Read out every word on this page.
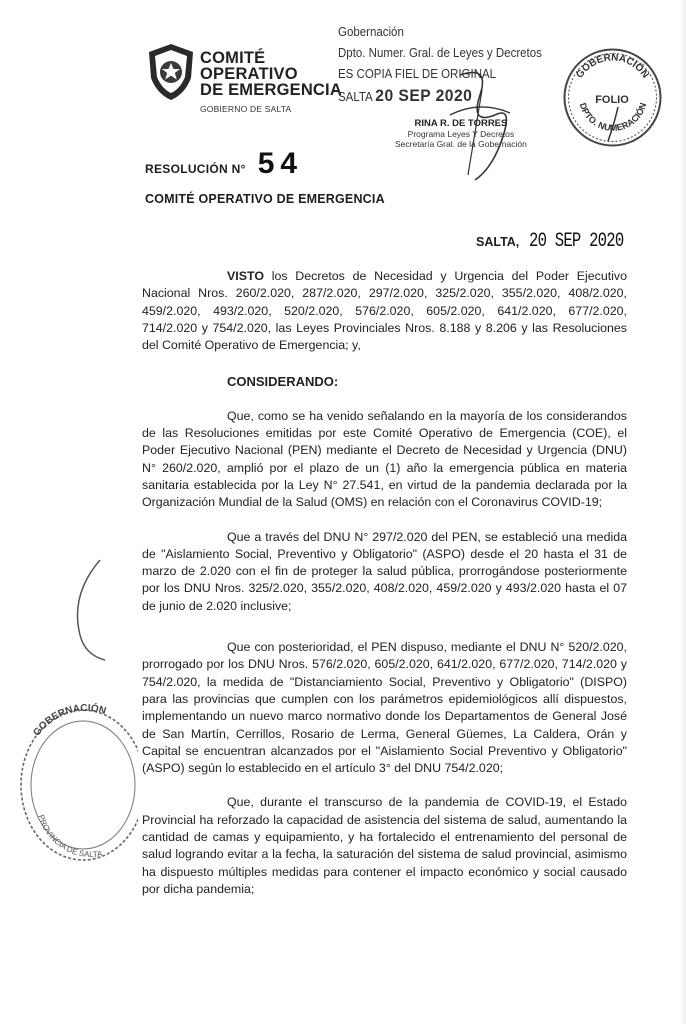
COMITÉ
OPERATIVO
DE EMERGENCIA
GOBIERNO DE SALTA
Gobernación
Dpto. Numer. Gral. de Leyes y Decretos
ES COPIA FIEL DE ORIGINAL
SALTA 20 SEP 2020
RINA R. DE TORRES
Programa Leyes Y Decretos
Secretaría Gral. de la Gobernación
GOBERNACIÓN
DPTO. NUMERACIÓN
FOLIO
RESOLUCIÓN N° 54
COMITÉ OPERATIVO DE EMERGENCIA
SALTA, 20 SEP 2020

VISTO los Decretos de Necesidad y Urgencia del Poder Ejecutivo Nacional Nros. 260/2.020, 287/2.020, 297/2.020, 325/2.020, 355/2.020, 408/2.020, 459/2.020, 493/2.020, 520/2.020, 576/2.020, 605/2.020, 641/2.020, 677/2.020, 714/2.020 y 754/2.020, las Leyes Provinciales Nros. 8.188 y 8.206 y las Resoluciones del Comité Operativo de Emergencia; y,

CONSIDERANDO:

Que, como se ha venido señalando en la mayoría de los considerandos de las Resoluciones emitidas por este Comité Operativo de Emergencia (COE), el Poder Ejecutivo Nacional (PEN) mediante el Decreto de Necesidad y Urgencia (DNU) N° 260/2.020, amplió por el plazo de un (1) año la emergencia pública en materia sanitaria establecida por la Ley N° 27.541, en virtud de la pandemia declarada por la Organización Mundial de la Salud (OMS) en relación con el Coronavirus COVID-19;

Que a través del DNU N° 297/2.020 del PEN, se estableció una medida de "Aislamiento Social, Preventivo y Obligatorio" (ASPO) desde el 20 hasta el 31 de marzo de 2.020 con el fin de proteger la salud pública, prorrogándose posteriormente por los DNU Nros. 325/2.020, 355/2.020, 408/2.020, 459/2.020 y 493/2.020 hasta el 07 de junio de 2.020 inclusive;

Que con posterioridad, el PEN dispuso, mediante el DNU N° 520/2.020, prorrogado por los DNU Nros. 576/2.020, 605/2.020, 641/2.020, 677/2.020, 714/2.020 y 754/2.020, la medida de "Distanciamiento Social, Preventivo y Obligatorio" (DISPO) para las provincias que cumplen con los parámetros epidemiológicos allí dispuestos, implementando un nuevo marco normativo donde los Departamentos de General José de San Martín, Cerrillos, Rosario de Lerma, General Güemes, La Caldera, Orán y Capital se encuentran alcanzados por el "Aislamiento Social Preventivo y Obligatorio" (ASPO) según lo establecido en el artículo 3° del DNU 754/2.020;

Que, durante el transcurso de la pandemia de COVID-19, el Estado Provincial ha reforzado la capacidad de asistencia del sistema de salud, aumentando la cantidad de camas y equipamiento, y ha fortalecido el entrenamiento del personal de salud logrando evitar a la fecha, la saturación del sistema de salud provincial, asimismo ha dispuesto múltiples medidas para contener el impacto económico y social causado por dicha pandemia;

GOBERNACIÓN
PROVINCIA DE SALTA
